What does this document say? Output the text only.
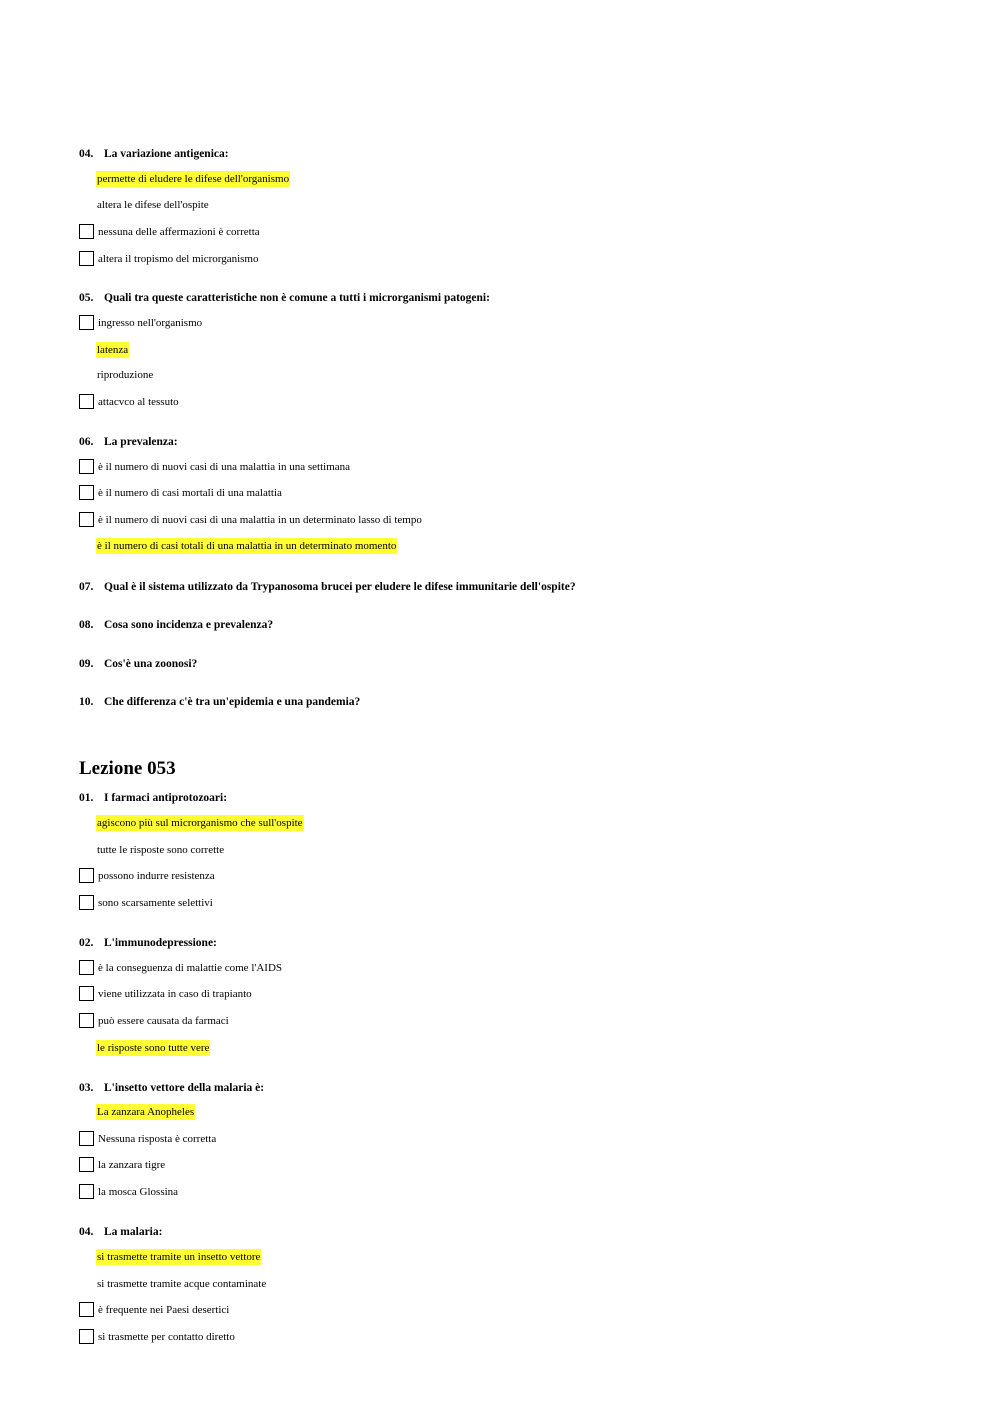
04. La variazione antigenica:
permette di eludere le difese dell'organismo
altera le difese dell'ospite
nessuna delle affermazioni è corretta
altera il tropismo del microrganismo
05. Quali tra queste caratteristiche non è comune a tutti i microrganismi patogeni:
ingresso nell'organismo
latenza
riproduzione
attacvco al tessuto
06. La prevalenza:
è il numero di nuovi casi di una malattia in una settimana
è il numero di casi mortali di una malattia
è il numero di nuovi casi di una malattia in un determinato lasso di tempo
è il numero di casi totali di una malattia in un determinato momento
07. Qual è il sistema utilizzato da Trypanosoma brucei per eludere le difese immunitarie dell'ospite?
08. Cosa sono incidenza e prevalenza?
09. Cos'è una zoonosi?
10. Che differenza c'è tra un'epidemia e una pandemia?
Lezione 053
01. I farmaci antiprotozoari:
agiscono più sul microrganismo che sull'ospite
tutte le risposte sono corrette
possono indurre resistenza
sono scarsamente selettivi
02. L'immunodepressione:
è la conseguenza di malattie come l'AIDS
viene utilizzata in caso di trapianto
può essere causata da farmaci
le risposte sono tutte vere
03. L'insetto vettore della malaria è:
La zanzara Anopheles
Nessuna risposta è corretta
la zanzara tigre
la mosca Glossina
04. La malaria:
si trasmette tramite un insetto vettore
si trasmette tramite acque contaminate
è frequente nei Paesi desertici
si trasmette per contatto diretto
